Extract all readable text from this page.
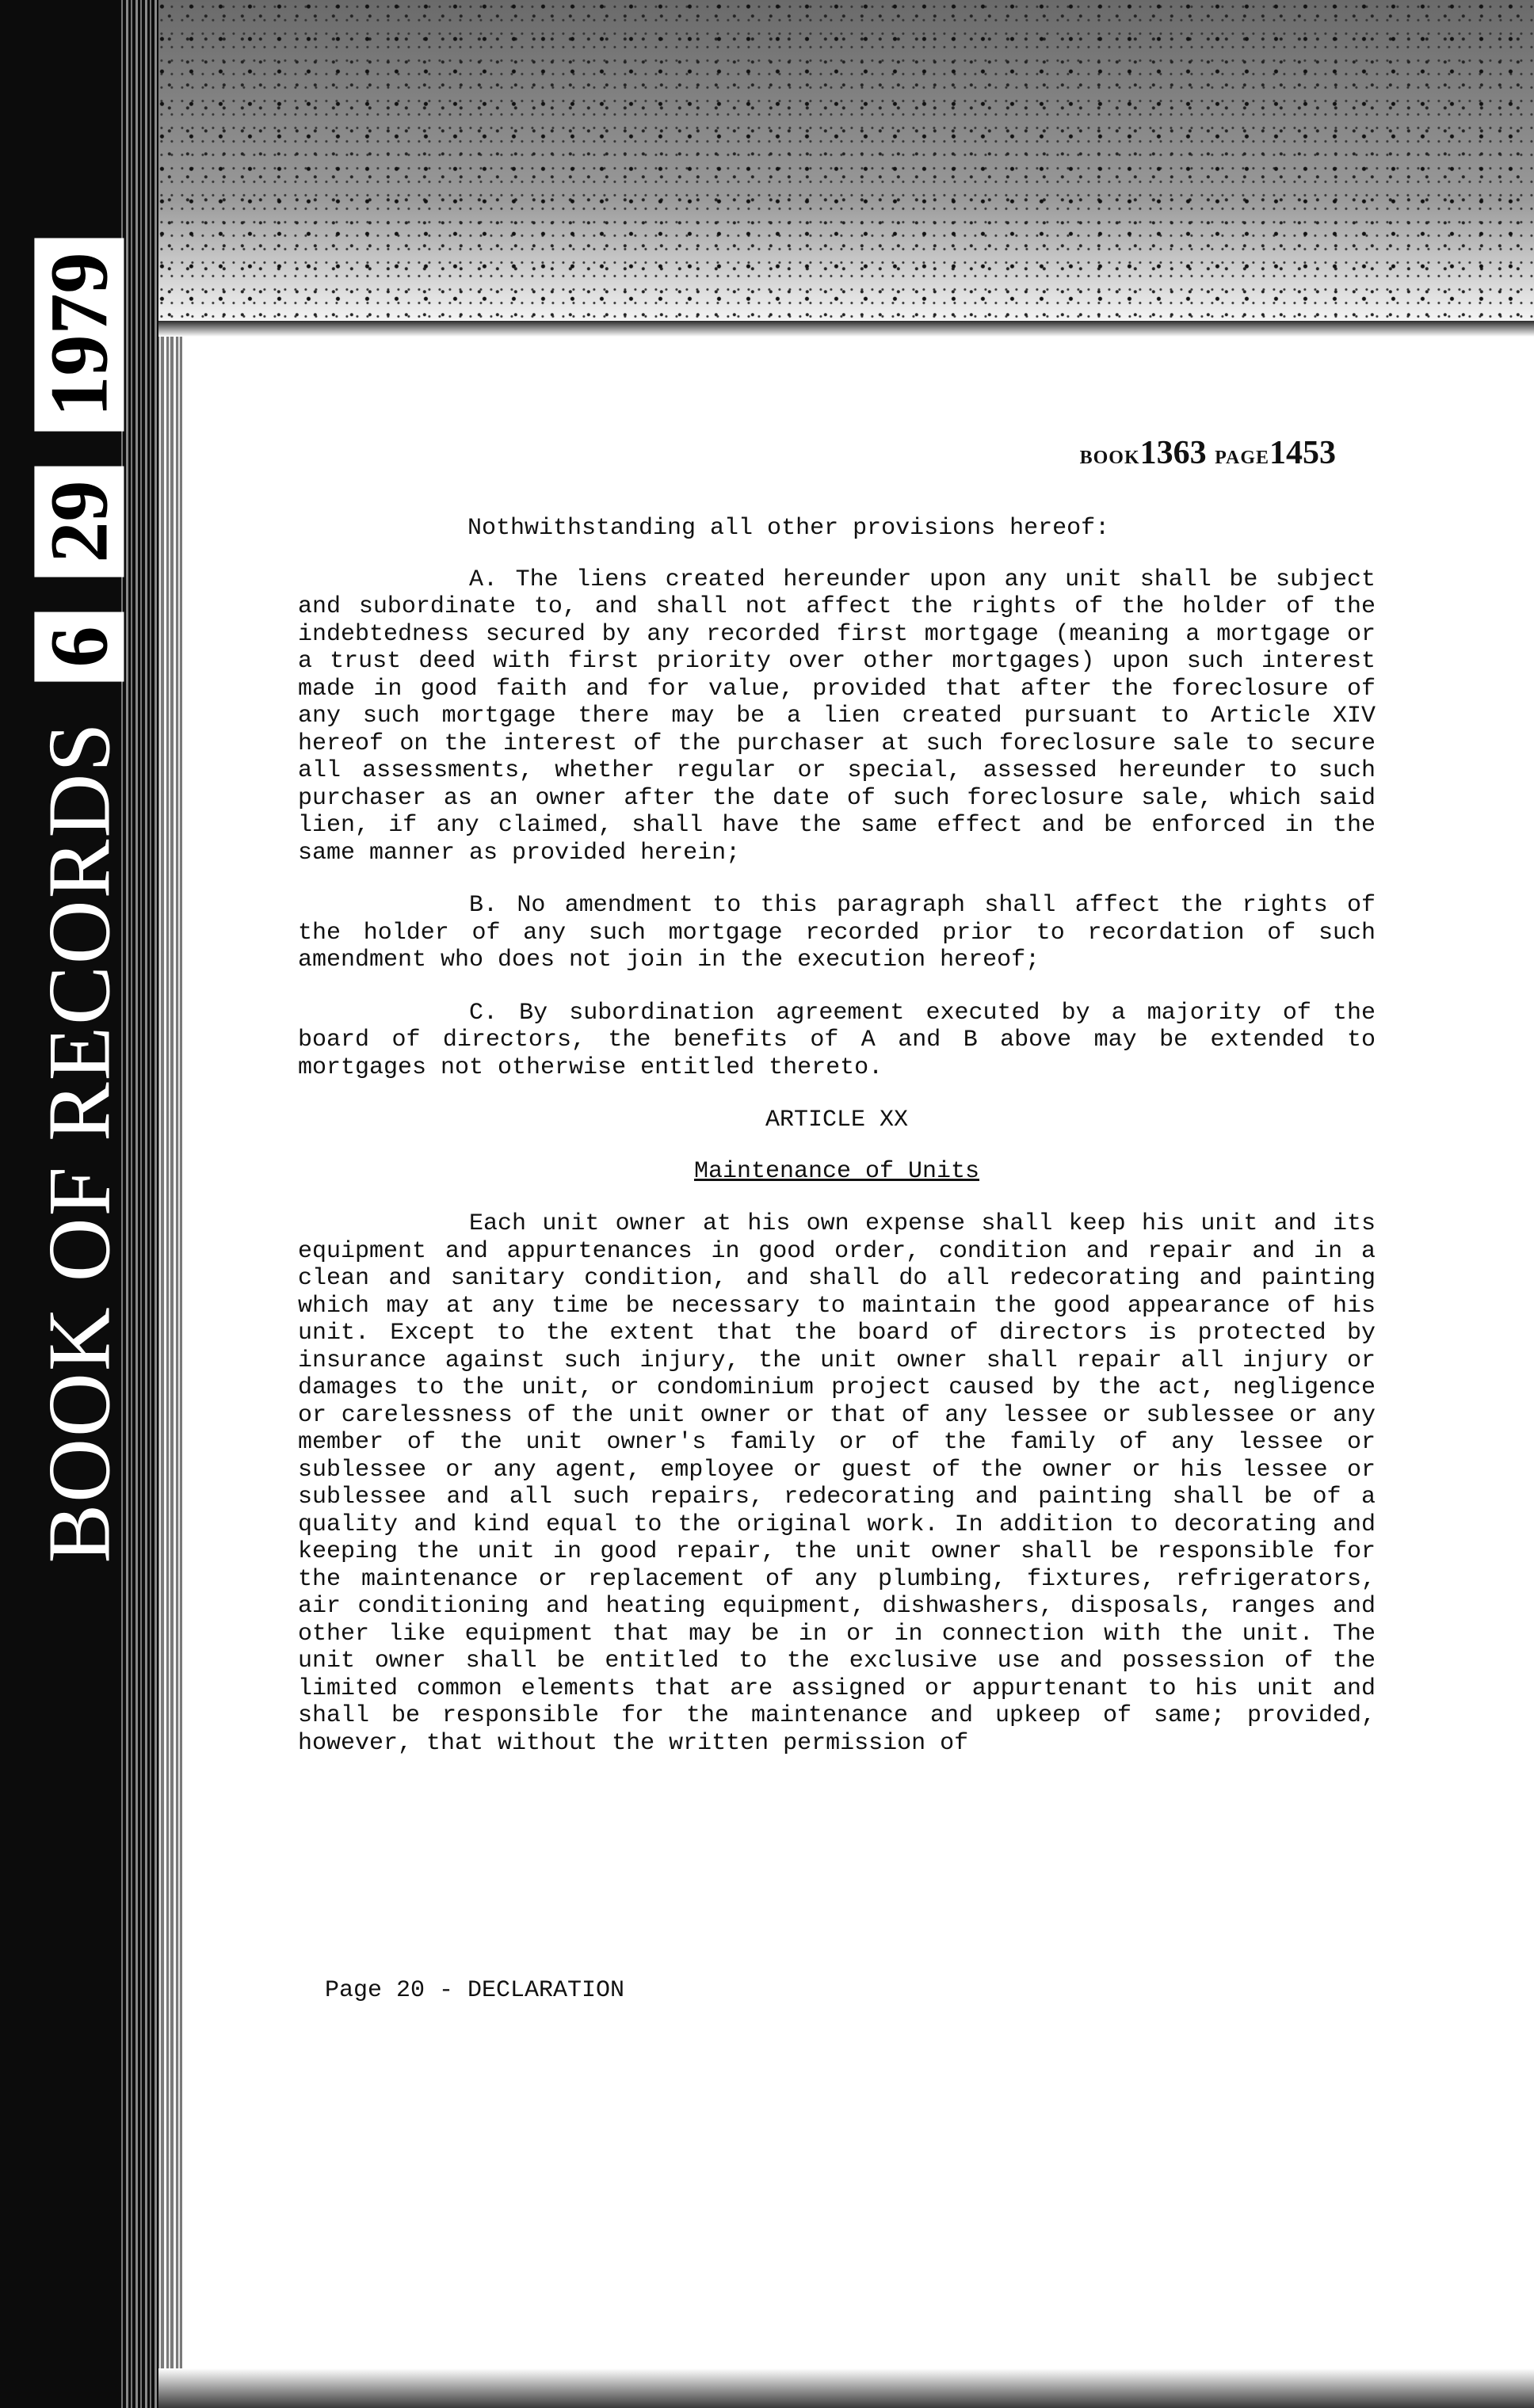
BOOK OF RECORDS
6
29
1979
BOOK1363 PAGE1453

Nothwithstanding all other provisions hereof:

A. The liens created hereunder upon any unit shall be subject and subordinate to, and shall not affect the rights of the holder of the indebtedness secured by any recorded first mortgage (meaning a mortgage or a trust deed with first priority over other mortgages) upon such interest made in good faith and for value, provided that after the foreclosure of any such mortgage there may be a lien created pursuant to Article XIV hereof on the interest of the purchaser at such foreclosure sale to secure all assessments, whether regular or special, assessed hereunder to such purchaser as an owner after the date of such foreclosure sale, which said lien, if any claimed, shall have the same effect and be enforced in the same manner as provided herein;

B. No amendment to this paragraph shall affect the rights of the holder of any such mortgage recorded prior to recordation of such amendment who does not join in the execution hereof;

C. By subordination agreement executed by a majority of the board of directors, the benefits of A and B above may be extended to mortgages not otherwise entitled thereto.

ARTICLE XX

Maintenance of Units

Each unit owner at his own expense shall keep his unit and its equipment and appurtenances in good order, condition and repair and in a clean and sanitary condition, and shall do all redecorating and painting which may at any time be necessary to maintain the good appearance of his unit. Except to the extent that the board of directors is protected by insurance against such injury, the unit owner shall repair all injury or damages to the unit, or condominium project caused by the act, negligence or carelessness of the unit owner or that of any lessee or sublessee or any member of the unit owner's family or of the family of any lessee or sublessee or any agent, employee or guest of the owner or his lessee or sublessee and all such repairs, redecorating and painting shall be of a quality and kind equal to the original work. In addition to decorating and keeping the unit in good repair, the unit owner shall be responsible for the maintenance or replacement of any plumbing, fixtures, refrigerators, air conditioning and heating equipment, dishwashers, disposals, ranges and other like equipment that may be in or in connection with the unit. The unit owner shall be entitled to the exclusive use and possession of the limited common elements that are assigned or appurtenant to his unit and shall be responsible for the maintenance and upkeep of same; provided, however, that without the written permission of

Page 20 - DECLARATION
